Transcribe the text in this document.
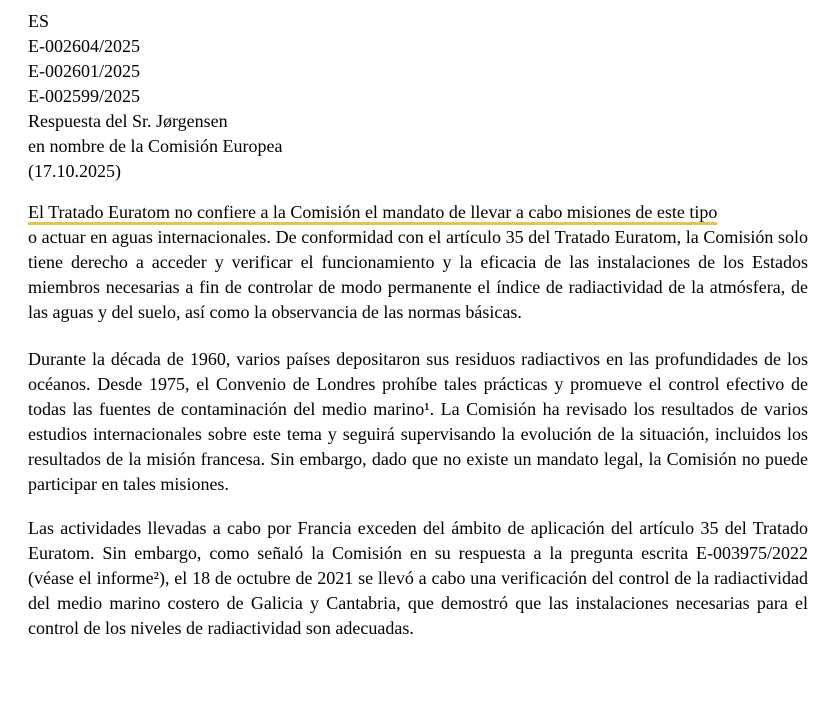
ES
E-002604/2025
E-002601/2025
E-002599/2025
Respuesta del Sr. Jørgensen
en nombre de la Comisión Europea
(17.10.2025)

El Tratado Euratom no confiere a la Comisión el mandato de llevar a cabo misiones de este tipo
o actuar en aguas internacionales. De conformidad con el artículo 35 del Tratado Euratom, la Comisión solo tiene derecho a acceder y verificar el funcionamiento y la eficacia de las instalaciones de los Estados miembros necesarias a fin de controlar de modo permanente el índice de radiactividad de la atmósfera, de las aguas y del suelo, así como la observancia de las normas básicas.

Durante la década de 1960, varios países depositaron sus residuos radiactivos en las profundidades de los océanos. Desde 1975, el Convenio de Londres prohíbe tales prácticas y promueve el control efectivo de todas las fuentes de contaminación del medio marino¹. La Comisión ha revisado los resultados de varios estudios internacionales sobre este tema y seguirá supervisando la evolución de la situación, incluidos los resultados de la misión francesa. Sin embargo, dado que no existe un mandato legal, la Comisión no puede participar en tales misiones.

Las actividades llevadas a cabo por Francia exceden del ámbito de aplicación del artículo 35 del Tratado Euratom. Sin embargo, como señaló la Comisión en su respuesta a la pregunta escrita E-003975/2022 (véase el informe²), el 18 de octubre de 2021 se llevó a cabo una verificación del control de la radiactividad del medio marino costero de Galicia y Cantabria, que demostró que las instalaciones necesarias para el control de los niveles de radiactividad son adecuadas.
